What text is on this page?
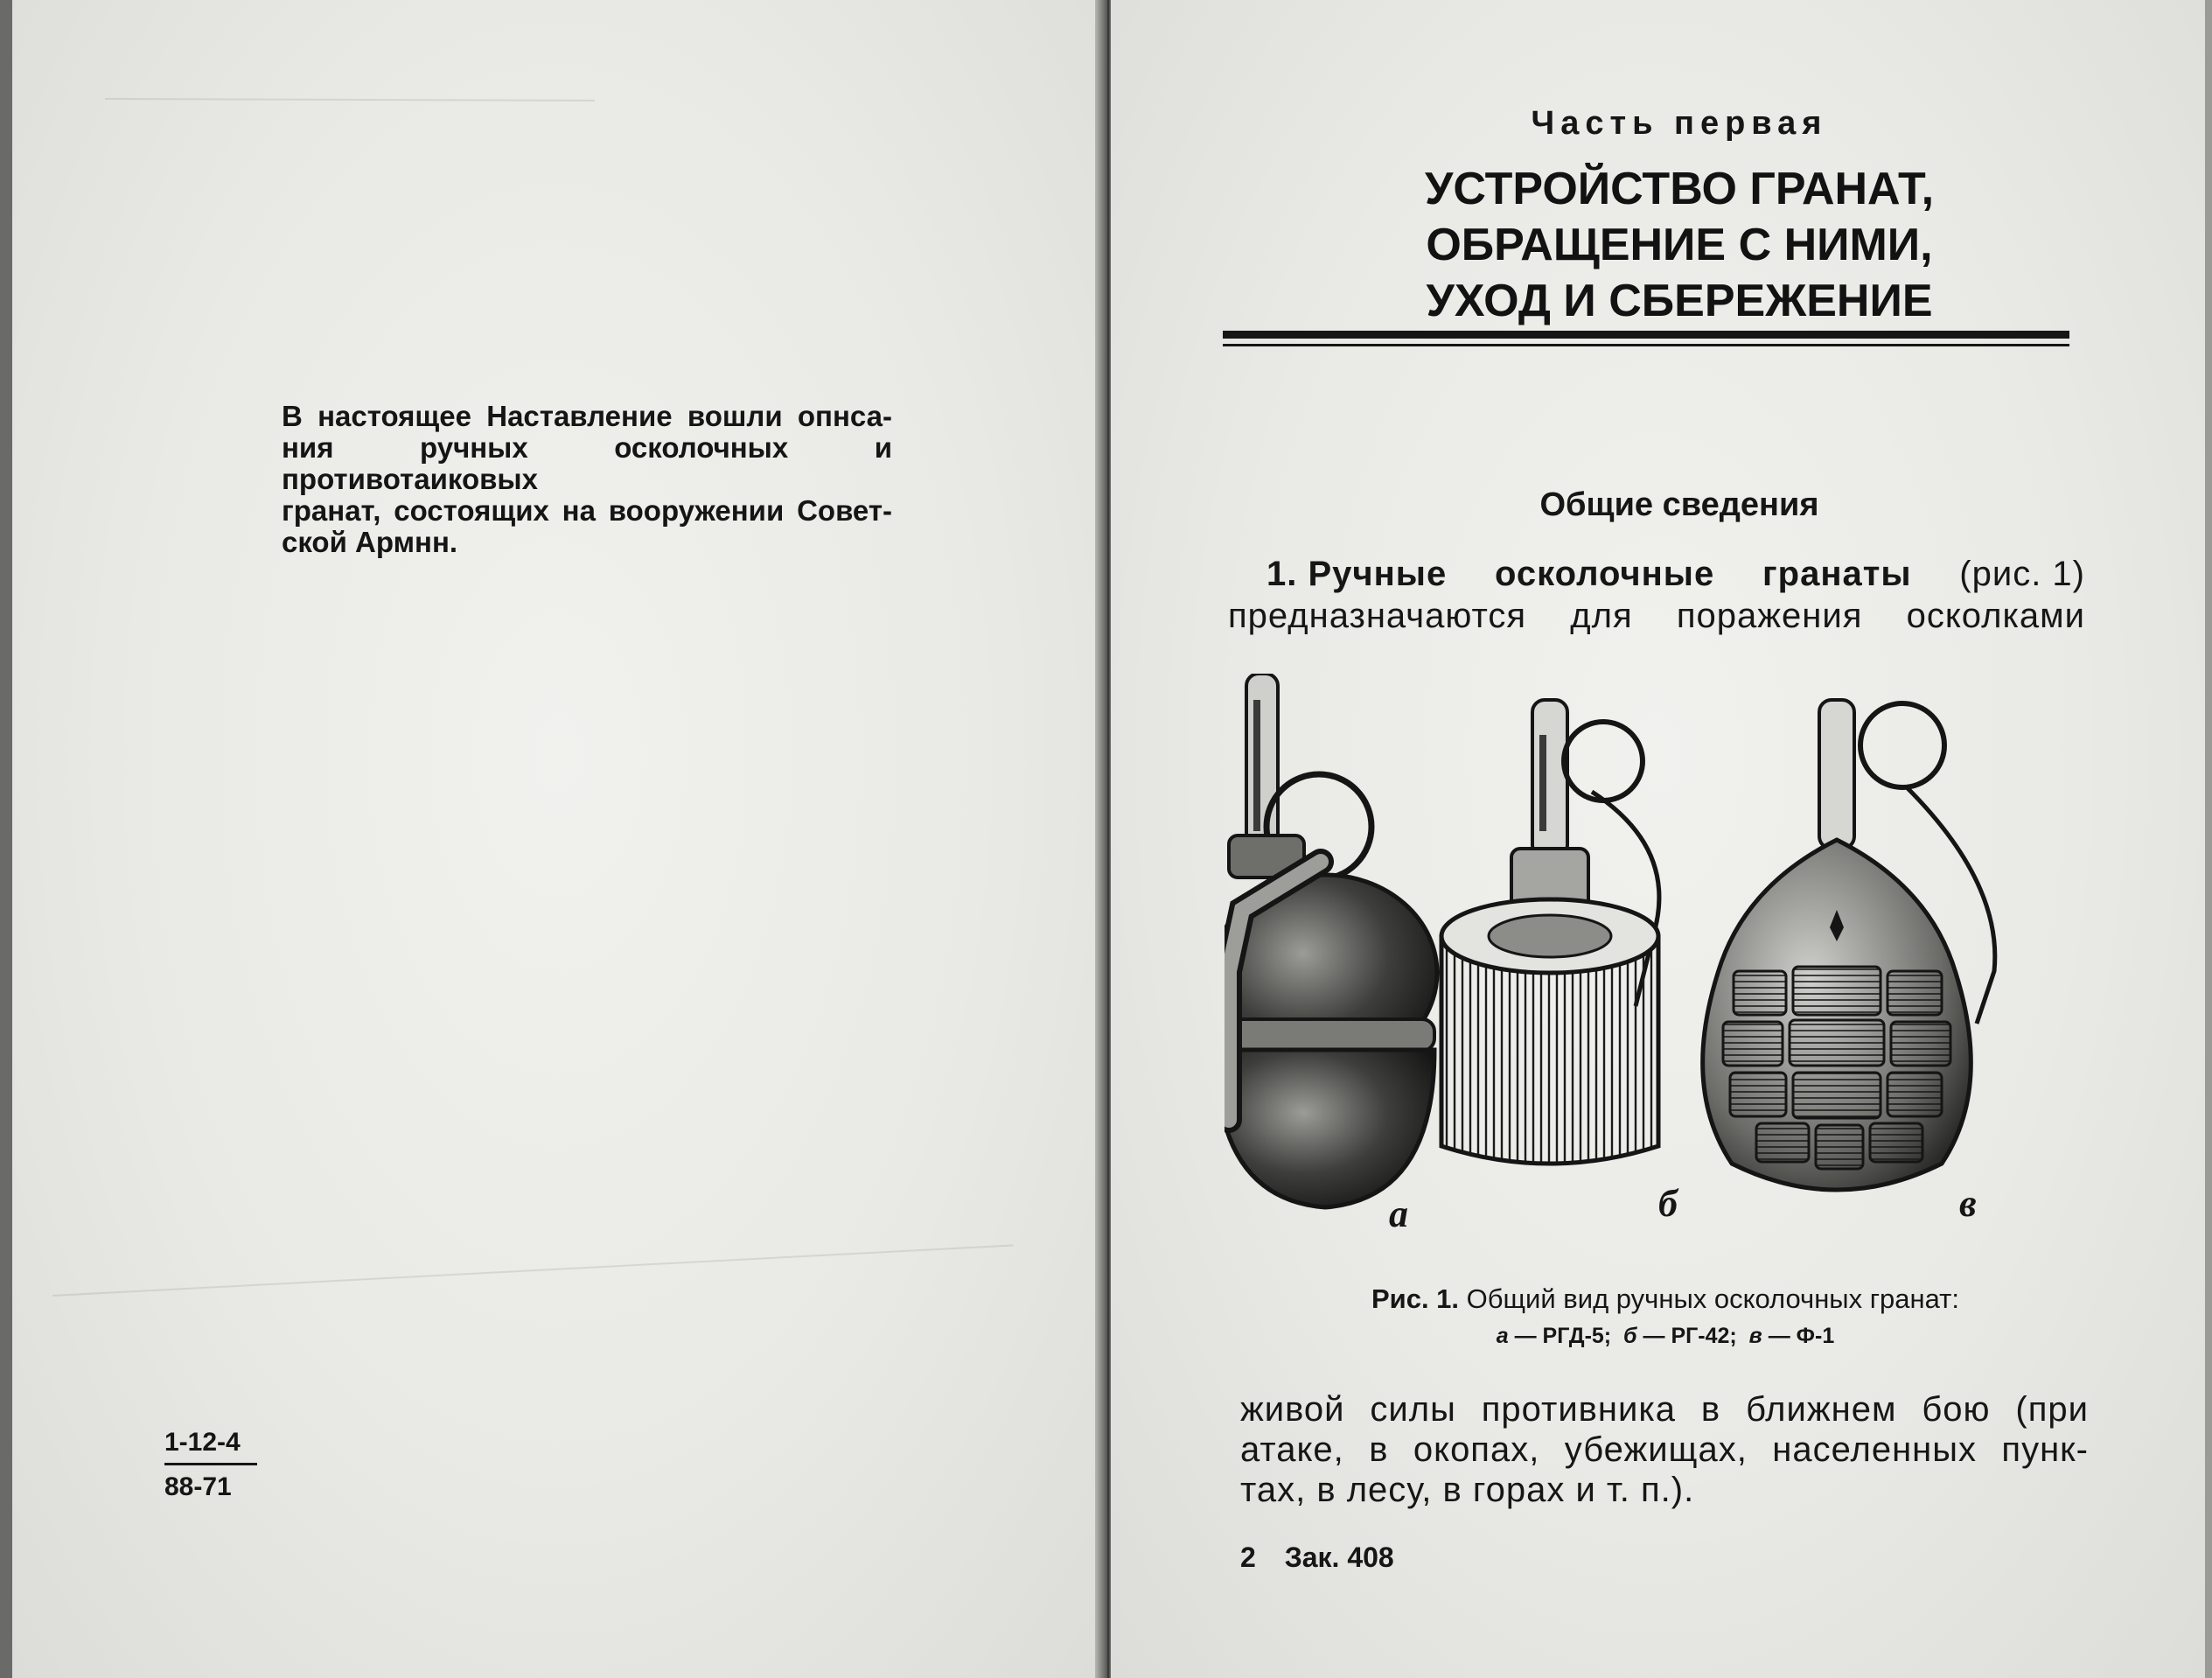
В настоящее Наставление вошли опнса-
ния ручных осколочных и противотаиковых
гранат, состоящих на вооружении Совет-
ской Армнн.
1-12-4
88-71
Часть первая
УСТРОЙСТВО ГРАНАТ,
ОБРАЩЕНИЕ С НИМИ,
УХОД И СБЕРЕЖЕНИЕ
Общие сведения
1. Ручные осколочные гранаты (рис. 1)
предназначаются для поражения осколками
а	б	в
Рис. 1. Общий вид ручных осколочных гранат:
а — РГД-5; б — РГ-42; в — Ф-1
живой силы противника в ближнем бою (при
атаке, в окопах, убежищах, населенных пунк-
тах, в лесу, в горах и т. п.).
2 Зак. 408
